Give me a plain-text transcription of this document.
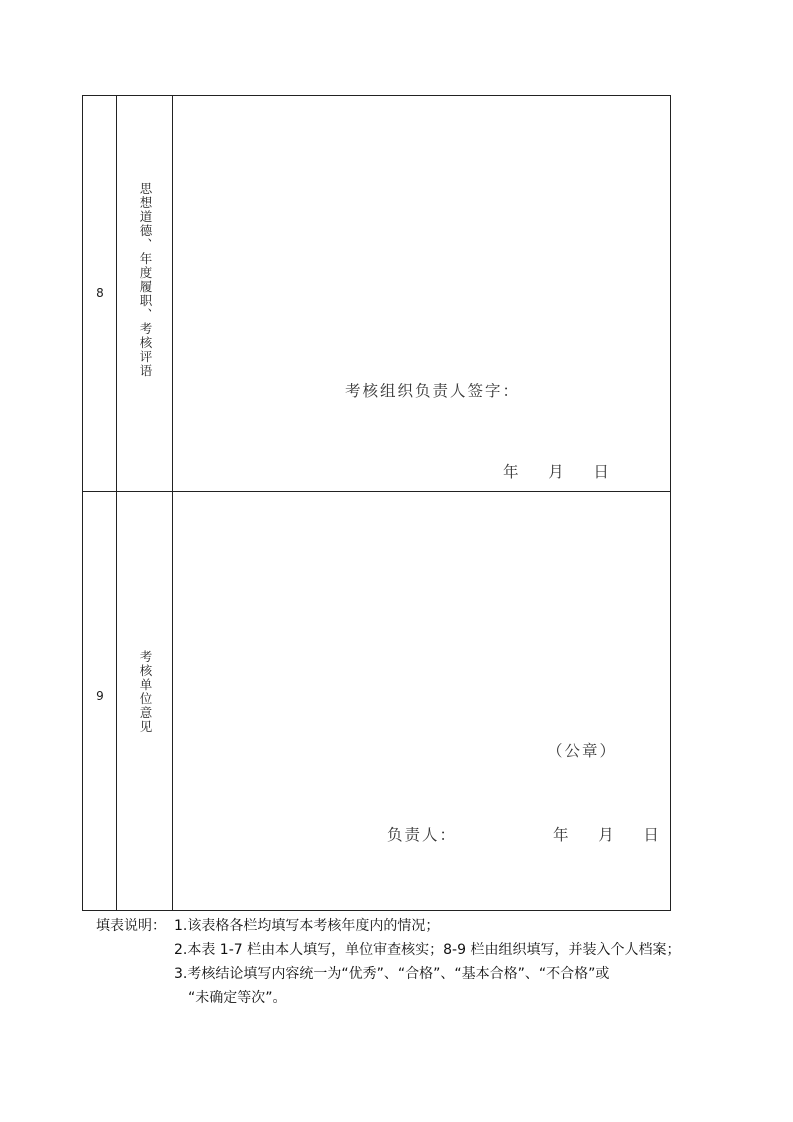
8	思想道德、年度履职、考核评语
考核组织负责人签字：
年    月    日
9	考核单位意见
（公章）
负责人：	年    月    日
填表说明： 1.该表格各栏均填写本考核年度内的情况；
2.本表 1-7 栏由本人填写，单位审查核实；8-9 栏由组织填写，并装入个人档案；
3.考核结论填写内容统一为“优秀”、“合格”、“基本合格”、“不合格”或
“未确定等次”。
